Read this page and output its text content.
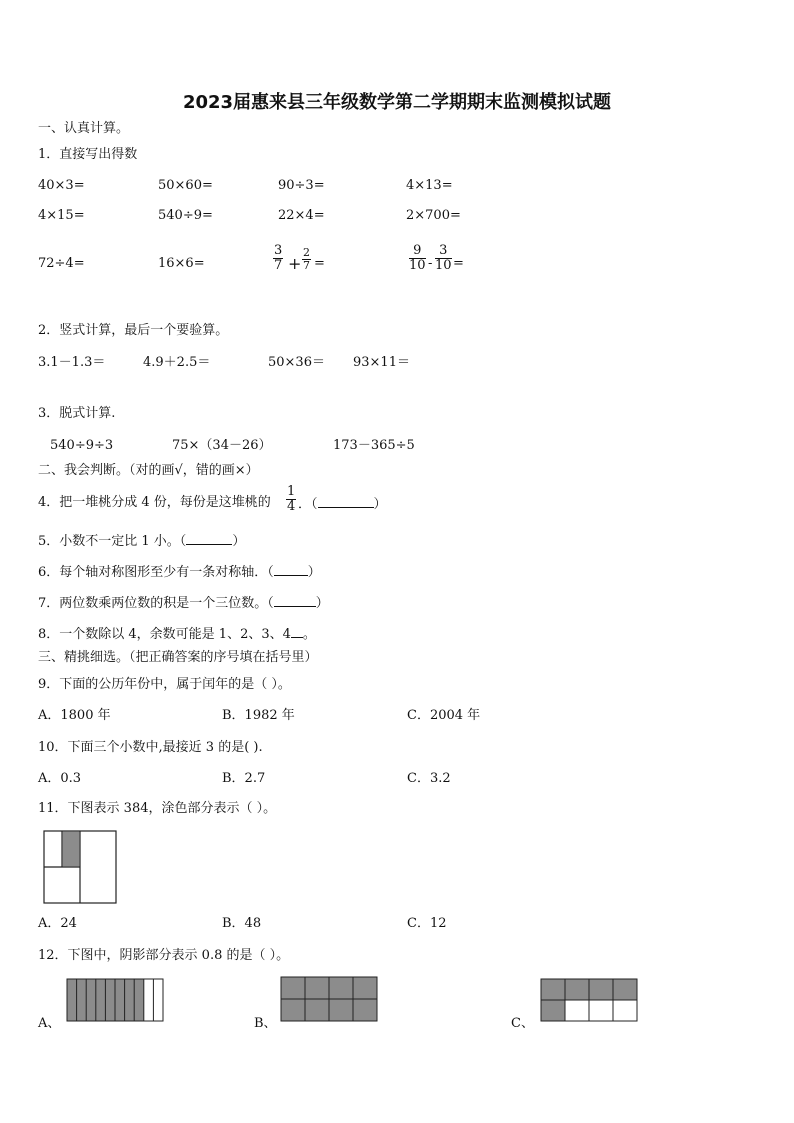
2023届惠来县三年级数学第二学期期末监测模拟试题
一、认真计算。
1．直接写出得数
40×3=	50×60=	90÷3=	4×13=
4×15=	540÷9=	22×4=	2×700=
72÷4=	16×6=	$\frac{3}{7} + \frac{2}{7}$ =	$\frac{9}{10} - \frac{3}{10}$ =
2．竖式计算，最后一个要验算。
3.1－1.3＝	4.9＋2.5＝	50×36＝ 93×11＝
3．脱式计算.
540÷9÷3	75×（34－26）	173－365÷5
二、我会判断。（对的画√，错的画×）
4．把一堆桃分成 4 份，每份是这堆桃的 $\frac{1}{4}$ ．（	）
5．小数不一定比 1 小。（	）
6．每个轴对称图形至少有一条对称轴．（	）
7．两位数乘两位数的积是一个三位数。（	）
8．一个数除以 4，余数可能是 1、2、3、4 。
三、精挑细选。（把正确答案的序号填在括号里）
9．下面的公历年份中，属于闰年的是（ ）。
A．1800 年	B．1982 年	C．2004 年
10．下面三个小数中,最接近 3 的是( ).
A．0.3	B．2.7	C．3.2
11．下图表示 384，涂色部分表示（ ）。
A．24	B．48	C．12
12．下图中，阴影部分表示 0.8 的是（ ）。
A、	B、	C、
